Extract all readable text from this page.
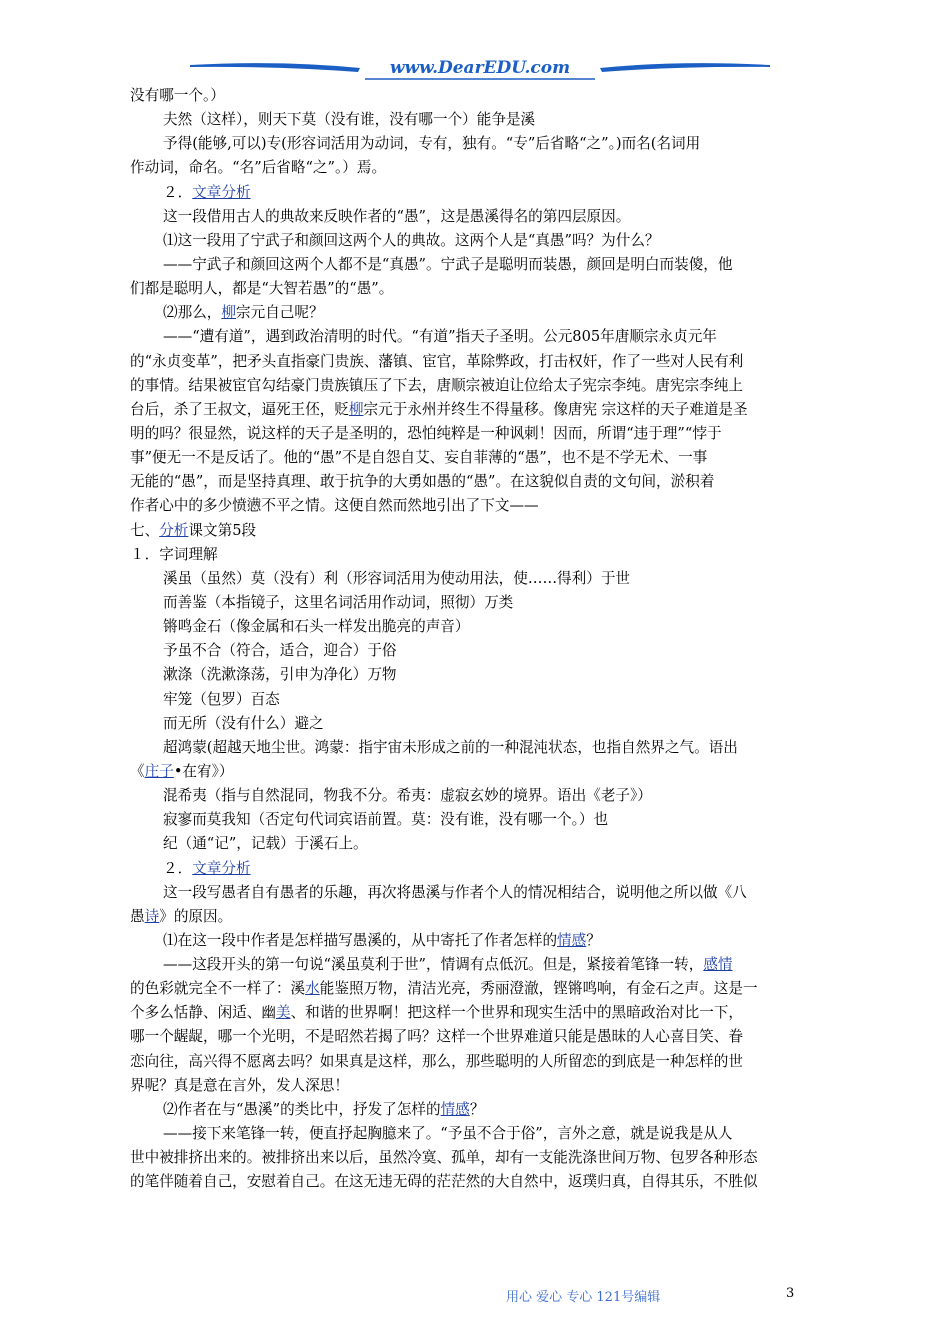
www.DearEDU.com
没有哪一个。）
夫然（这样），则天下莫（没有谁，没有哪一个）能争是溪
予得(能够,可以)专(形容词活用为动词，专有，独有。“专”后省略“之”。)而名(名词用
作动词，命名。“名”后省略“之”。）焉。
２．文章分析
这一段借用古人的典故来反映作者的“愚”，这是愚溪得名的第四层原因。
⑴这一段用了宁武子和颜回这两个人的典故。这两个人是“真愚”吗？为什么？
——宁武子和颜回这两个人都不是“真愚”。宁武子是聪明而装愚，颜回是明白而装傻，他
们都是聪明人，都是“大智若愚”的“愚”。
⑵那么，柳宗元自己呢？
——“遭有道”，遇到政治清明的时代。“有道”指天子圣明。公元805年唐顺宗永贞元年
的“永贞变革”，把矛头直指豪门贵族、藩镇、宦官，革除弊政，打击权奸，作了一些对人民有利
的事情。结果被宦官勾结豪门贵族镇压了下去，唐顺宗被迫让位给太子宪宗李纯。唐宪宗李纯上
台后，杀了王叔文，逼死王伾，贬柳宗元于永州并终生不得量移。像唐宪 宗这样的天子难道是圣
明的吗？很显然，说这样的天子是圣明的，恐怕纯粹是一种讽刺！因而，所谓“违于理”“悖于
事”便无一不是反话了。他的“愚”不是自怨自艾、妄自菲薄的“愚”，也不是不学无术、一事
无能的“愚”，而是坚持真理、敢于抗争的大勇如愚的“愚”。在这貌似自责的文句间，淤积着
作者心中的多少愤懑不平之情。这便自然而然地引出了下文——
七、分析课文第5段
１．字词理解
溪虽（虽然）莫（没有）利（形容词活用为使动用法，使……得利）于世
而善鉴（本指镜子，这里名词活用作动词，照彻）万类
锵鸣金石（像金属和石头一样发出脆亮的声音）
予虽不合（符合，适合，迎合）于俗
漱涤（洗漱涤荡，引申为净化）万物
牢笼（包罗）百态
而无所（没有什么）避之
超鸿蒙(超越天地尘世。鸿蒙：指宇宙未形成之前的一种混沌状态，也指自然界之气。语出
《庄子•在宥》）
混希夷（指与自然混同，物我不分。希夷：虚寂玄妙的境界。语出《老子》）
寂寥而莫我知（否定句代词宾语前置。莫：没有谁，没有哪一个。）也
纪（通“记”，记载）于溪石上。
２．文章分析
这一段写愚者自有愚者的乐趣，再次将愚溪与作者个人的情况相结合，说明他之所以做《八
愚诗》的原因。
⑴在这一段中作者是怎样描写愚溪的，从中寄托了作者怎样的情感？
——这段开头的第一句说“溪虽莫利于世”，情调有点低沉。但是，紧接着笔锋一转，感情
的色彩就完全不一样了：溪水能鉴照万物，清洁光亮，秀丽澄澈，铿锵鸣响，有金石之声。这是一
个多么恬静、闲适、幽美、和谐的世界啊！把这样一个世界和现实生活中的黑暗政治对比一下，
哪一个龌龊，哪一个光明，不是昭然若揭了吗？这样一个世界难道只能是愚昧的人心喜目笑、眷
恋向往，高兴得不愿离去吗？如果真是这样，那么，那些聪明的人所留恋的到底是一种怎样的世
界呢？真是意在言外，发人深思！
⑵作者在与“愚溪”的类比中，抒发了怎样的情感？
——接下来笔锋一转，便直抒起胸臆来了。“予虽不合于俗”，言外之意，就是说我是从人
世中被排挤出来的。被排挤出来以后，虽然冷寞、孤单，却有一支能洗涤世间万物、包罗各种形态
的笔伴随着自己，安慰着自己。在这无违无碍的茫茫然的大自然中，返璞归真，自得其乐，不胜似
用心 爱心 专心 121号编辑	3
